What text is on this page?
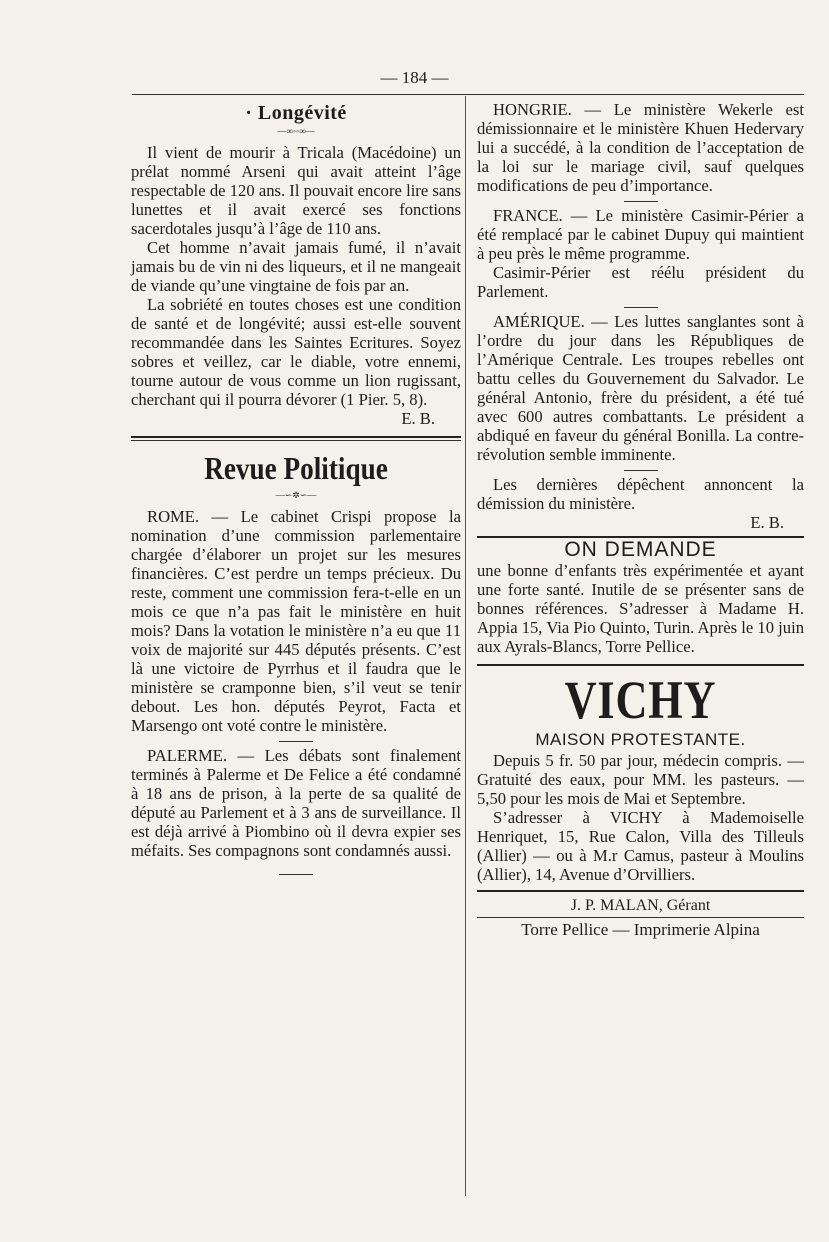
— 184 —
· Longévité
—∞◦◦∞—

Il vient de mourir à Tricala (Macédoine) un prélat nommé Arseni qui avait atteint l’âge respectable de 120 ans. Il pouvait encore lire sans lunettes et il avait exercé ses fonctions sacerdotales jusqu’à l’âge de 110 ans.

Cet homme n’avait jamais fumé, il n’avait jamais bu de vin ni des liqueurs, et il ne mangeait de viande qu’une vingtaine de fois par an.

La sobriété en toutes choses est une condition de santé et de longévité; aussi est-elle souvent recommandée dans les Saintes Ecritures. Soyez sobres et veillez, car le diable, votre ennemi, tourne autour de vous comme un lion rugissant, cherchant qui il pourra dévorer (1 Pier. 5, 8).

E. B.

Revue Politique
—∽✲∽—

ROME. — Le cabinet Crispi propose la nomination d’une commission parlementaire chargée d’élaborer un projet sur les mesures financières. C’est perdre un temps précieux. Du reste, comment une commission fera-t-elle en un mois ce que n’a pas fait le ministère en huit mois? Dans la votation le ministère n’a eu que 11 voix de majorité sur 445 députés présents. C’est là une victoire de Pyrrhus et il faudra que le ministère se cramponne bien, s’il veut se tenir debout. Les hon. députés Peyrot, Facta et Marsengo ont voté contre le ministère.

PALERME. — Les débats sont finalement terminés à Palerme et De Felice a été condamné à 18 ans de prison, à la perte de sa qualité de député au Parlement et à 3 ans de surveillance. Il est déjà arrivé à Piombino où il devra expier ses méfaits. Ses compagnons sont condamnés aussi.

HONGRIE. — Le ministère Wekerle est démissionnaire et le ministère Khuen Hedervary lui a succédé, à la condition de l’acceptation de la loi sur le mariage civil, sauf quelques modifications de peu d’importance.

FRANCE. — Le ministère Casimir-Périer a été remplacé par le cabinet Dupuy qui maintient à peu près le même programme.

Casimir-Périer est réélu président du Parlement.

AMÉRIQUE. — Les luttes sanglantes sont à l’ordre du jour dans les Républiques de l’Amérique Centrale. Les troupes rebelles ont battu celles du Gouvernement du Salvador. Le général Antonio, frère du président, a été tué avec 600 autres combattants. Le président a abdiqué en faveur du général Bonilla. La contre-révolution semble imminente.

Les dernières dépêchent annoncent la démission du ministère.

E. B.

ON DEMANDE

une bonne d’enfants très expérimentée et ayant une forte santé. Inutile de se présenter sans de bonnes références. S’adresser à Madame H. Appia 15, Via Pio Quinto, Turin. Après le 10 juin aux Ayrals-Blancs, Torre Pellice.

VICHY
MAISON PROTESTANTE.

Depuis 5 fr. 50 par jour, médecin compris. — Gratuité des eaux, pour MM. les pasteurs. — 5,50 pour les mois de Mai et Septembre.

S’adresser à VICHY à Mademoiselle Henriquet, 15, Rue Calon, Villa des Tilleuls (Allier) — ou à M.r Camus, pasteur à Moulins (Allier), 14, Avenue d’Orvilliers.

J. P. MALAN, Gérant
Torre Pellice — Imprimerie Alpina
